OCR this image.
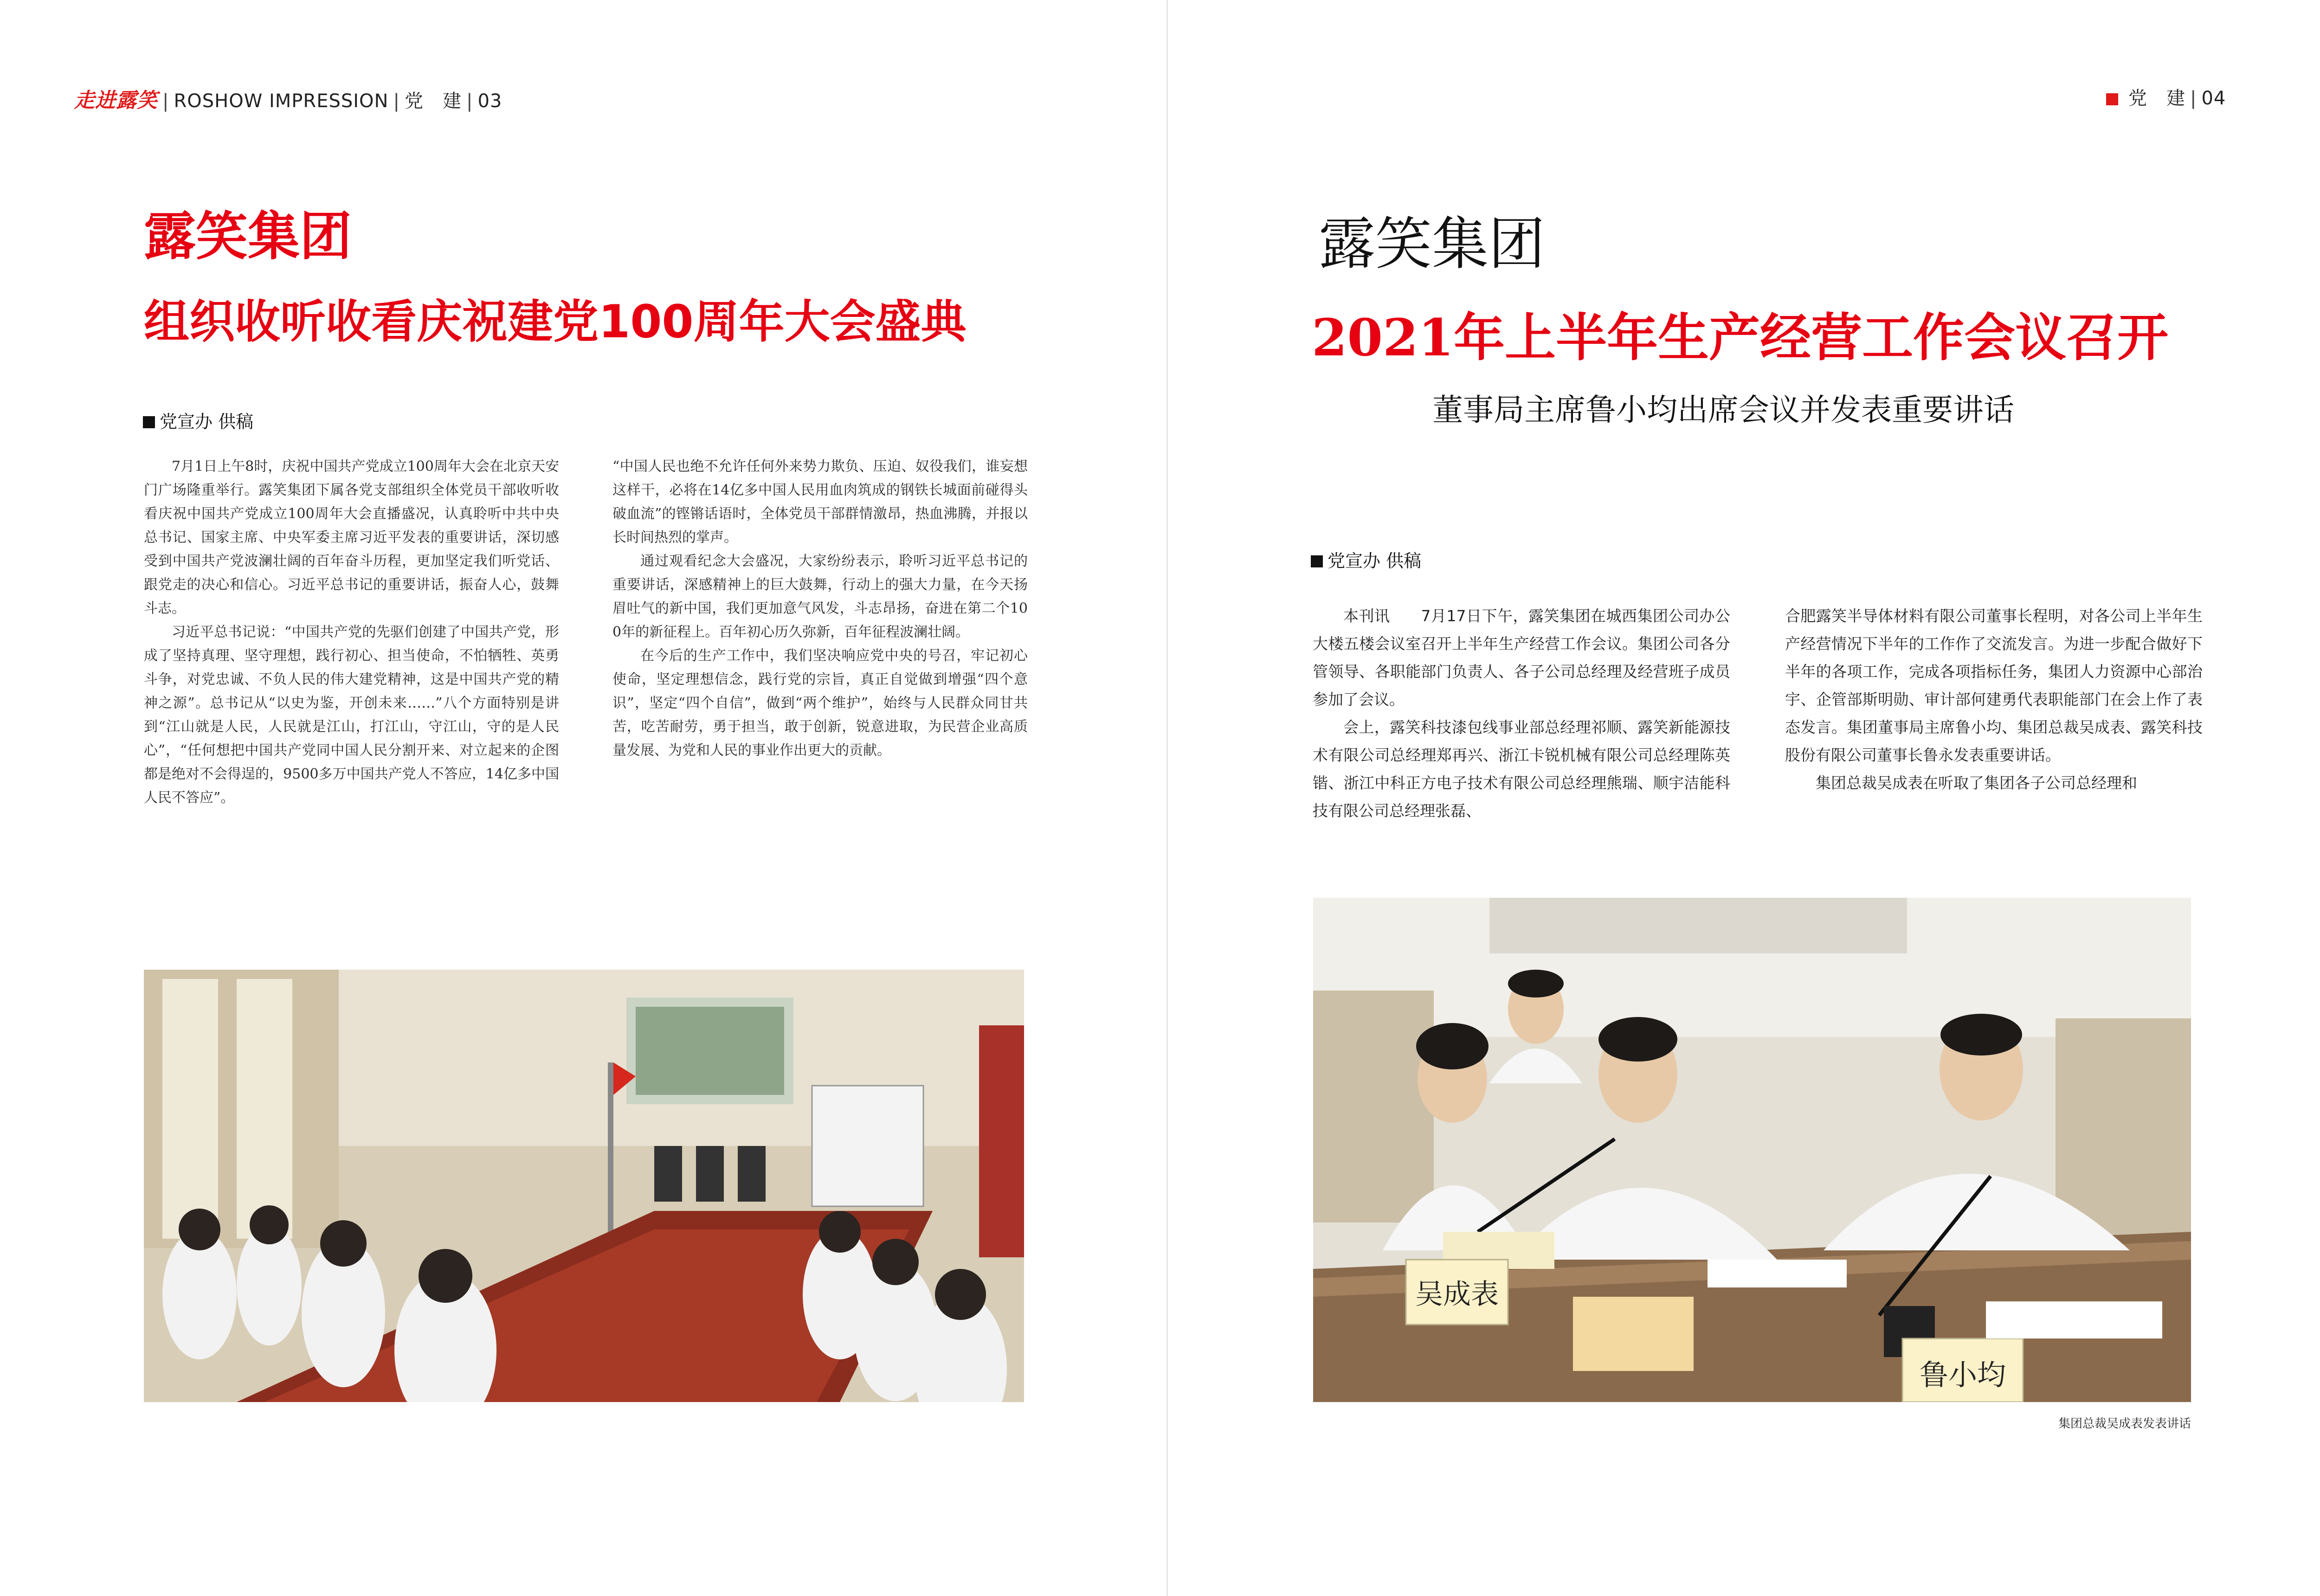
走进露笑 | ROSHOW IMPRESSION | 党　建 | 03
露笑集团
组织收听收看庆祝建党100周年大会盛典
党宣办 供稿

7月1日上午8时，庆祝中国共产党成立100周年大会在北京天安门广场隆重举行。露笑集团下属各党支部组织全体党员干部收听收看庆祝中国共产党成立100周年大会直播盛况，认真聆听中共中央总书记、国家主席、中央军委主席习近平发表的重要讲话，深切感受到中国共产党波澜壮阔的百年奋斗历程，更加坚定我们听党话、跟党走的决心和信心。习近平总书记的重要讲话，振奋人心，鼓舞斗志。

习近平总书记说：“中国共产党的先驱们创建了中国共产党，形成了坚持真理、坚守理想，践行初心、担当使命，不怕牺牲、英勇斗争，对党忠诚、不负人民的伟大建党精神，这是中国共产党的精神之源”。总书记从“以史为鉴，开创未来……”八个方面特别是讲到“江山就是人民，人民就是江山，打江山，守江山，守的是人民心”，“任何想把中国共产党同中国人民分割开来、对立起来的企图都是绝对不会得逞的，9500多万中国共产党人不答应，14亿多中国人民不答应”。

“中国人民也绝不允许任何外来势力欺负、压迫、奴役我们，谁妄想这样干，必将在14亿多中国人民用血肉筑成的钢铁长城面前碰得头破血流”的铿锵话语时，全体党员干部群情激昂，热血沸腾，并报以长时间热烈的掌声。

通过观看纪念大会盛况，大家纷纷表示，聆听习近平总书记的重要讲话，深感精神上的巨大鼓舞，行动上的强大力量，在今天扬眉吐气的新中国，我们更加意气风发，斗志昂扬，奋进在第二个100年的新征程上。百年初心历久弥新，百年征程波澜壮阔。

在今后的生产工作中，我们坚决响应党中央的号召，牢记初心使命，坚定理想信念，践行党的宗旨，真正自觉做到增强“四个意识”，坚定“四个自信”，做到“两个维护”，始终与人民群众同甘共苦，吃苦耐劳，勇于担当，敢于创新，锐意进取，为民营企业高质量发展、为党和人民的事业作出更大的贡献。

党　建 | 04
露笑集团
2021年上半年生产经营工作会议召开
董事局主席鲁小均出席会议并发表重要讲话
党宣办 供稿

本刊讯　　7月17日下午，露笑集团在城西集团公司办公大楼五楼会议室召开上半年生产经营工作会议。集团公司各分管领导、各职能部门负责人、各子公司总经理及经营班子成员参加了会议。

会上，露笑科技漆包线事业部总经理祁顺、露笑新能源技术有限公司总经理郑再兴、浙江卡锐机械有限公司总经理陈英锴、浙江中科正方电子技术有限公司总经理熊瑞、顺宇洁能科技有限公司总经理张磊、

合肥露笑半导体材料有限公司董事长程明，对各公司上半年生产经营情况下半年的工作作了交流发言。为进一步配合做好下半年的各项工作，完成各项指标任务，集团人力资源中心部治宇、企管部斯明勋、审计部何建勇代表职能部门在会上作了表态发言。集团董事局主席鲁小均、集团总裁吴成表、露笑科技股份有限公司董事长鲁永发表重要讲话。

集团总裁吴成表在听取了集团各子公司总经理和

吴成表
鲁小均
集团总裁吴成表发表讲话
